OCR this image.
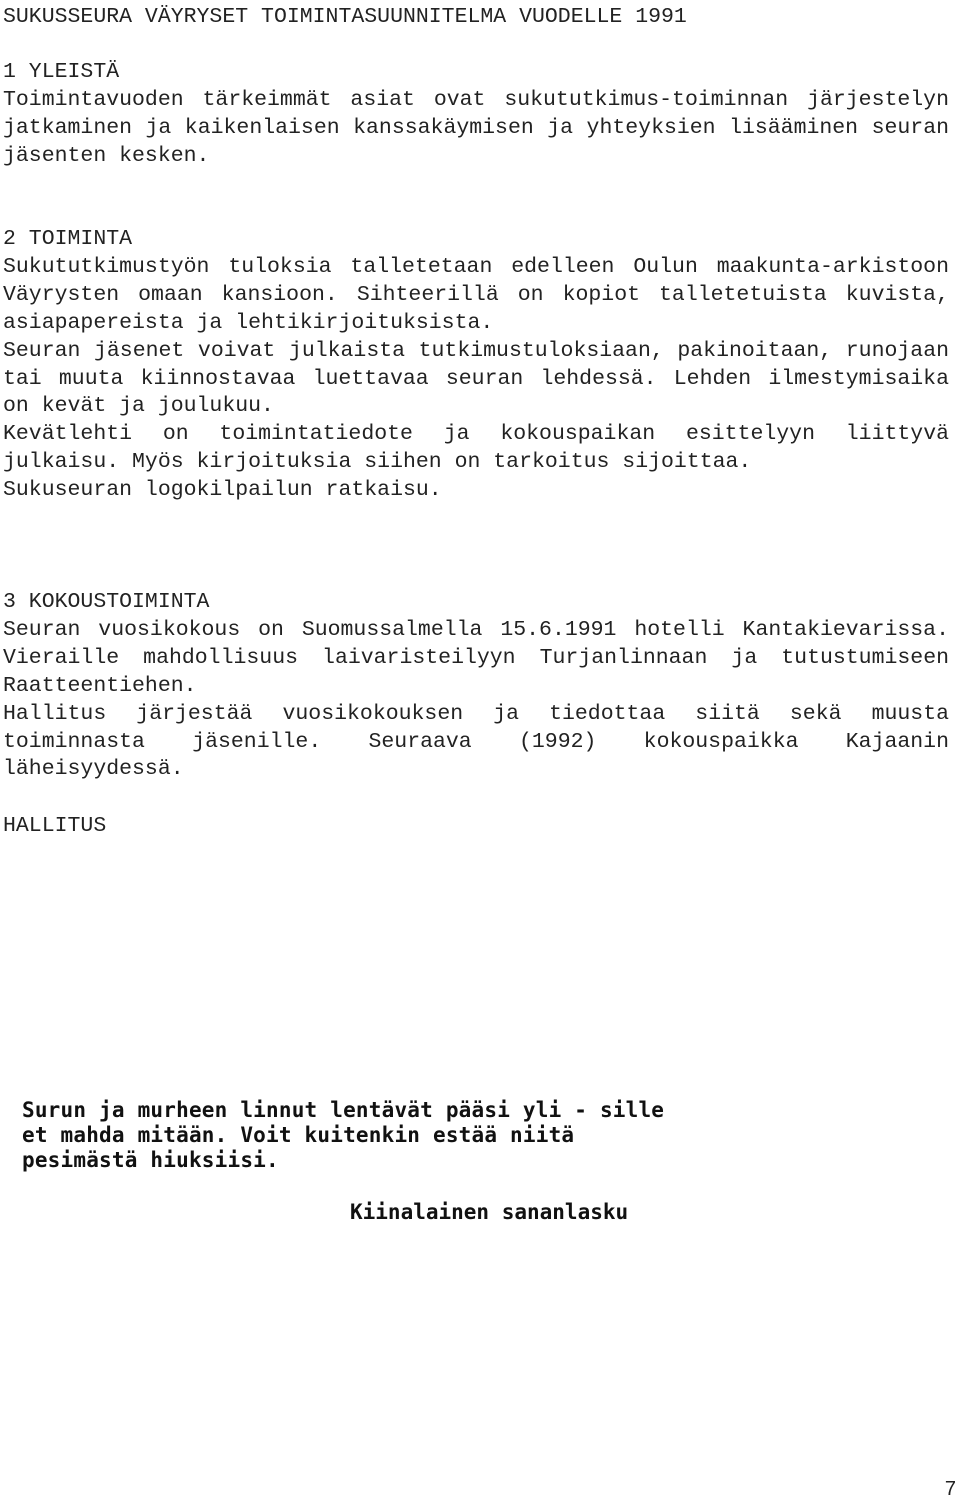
SUKUSSEURA VÄYRYSET TOIMINTASUUNNITELMA VUODELLE 1991
1 YLEISTÄ

Toimintavuoden tärkeimmät asiat ovat sukututkimus-toiminnan järjestelyn jatkaminen ja kaikenlaisen kanssakäymisen ja yhteyksien lisääminen seuran jäsenten kesken.

2 TOIMINTA

Sukututkimustyön tuloksia talletetaan edelleen Oulun maakunta-arkistoon Väyrysten omaan kansioon. Sihteerillä on kopiot talletetuista kuvista, asiapapereista ja lehtikirjoituksista.

Seuran jäsenet voivat julkaista tutkimustuloksiaan, pakinoitaan, runojaan tai muuta kiinnostavaa luettavaa seuran lehdessä. Lehden ilmestymisaika on kevät ja joulukuu.

Kevätlehti on toimintatiedote ja kokouspaikan esittelyyn liittyvä julkaisu. Myös kirjoituksia siihen on tarkoitus sijoittaa.

Sukuseuran logokilpailun ratkaisu.

3 KOKOUSTOIMINTA

Seuran vuosikokous on Suomussalmella 15.6.1991 hotelli Kantakievarissa. Vieraille mahdollisuus laivaristeilyyn Turjanlinnaan ja tutustumiseen Raatteentiehen.

Hallitus järjestää vuosikokouksen ja tiedottaa siitä sekä muusta toiminnasta jäsenille. Seuraava (1992) kokouspaikka Kajaanin läheisyydessä.

HALLITUS

Surun ja murheen linnut lentävät pääsi yli - sille
et mahda mitään. Voit kuitenkin estää niitä
pesimästä hiuksiisi.
Kiinalainen sananlasku
7
